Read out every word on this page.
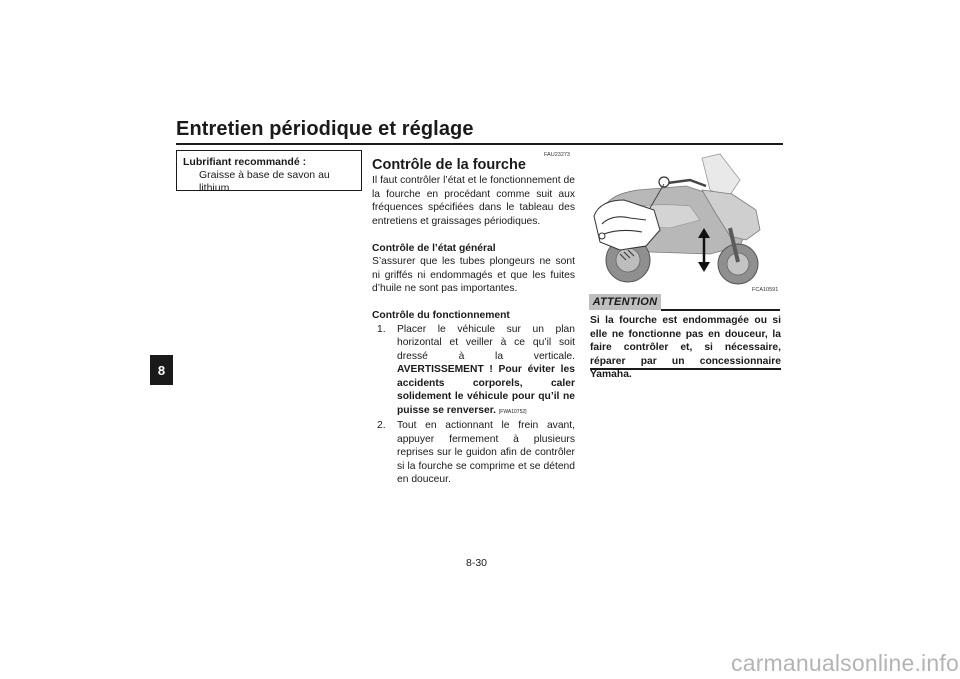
Entretien périodique et réglage
8
Lubrifiant recommandé :
Graisse à base de savon au lithium
FAU23273
Contrôle de la fourche

Il faut contrôler l’état et le fonctionnement de la fourche en procédant comme suit aux fréquences spécifiées dans le tableau des entretiens et graissages périodiques.

Contrôle de l’état général

S’assurer que les tubes plongeurs ne sont ni griffés ni endommagés et que les fuites d’huile ne sont pas importantes.

Contrôle du fonctionnement

1.	Placer le véhicule sur un plan horizontal et veiller à ce qu’il soit dressé à la verticale. AVERTISSEMENT ! Pour éviter les accidents corporels, caler solidement le véhicule pour qu’il ne puisse se renverser. [FWA10752]
2.	Tout en actionnant le frein avant, appuyer fermement à plusieurs reprises sur le guidon afin de contrôler si la fourche se comprime et se détend en douceur.
FCA10591
ATTENTION
Si la fourche est endommagée ou si elle ne fonctionne pas en douceur, la faire contrôler et, si nécessaire, réparer par un concessionnaire Yamaha.
8-30
carmanualsonline.info
